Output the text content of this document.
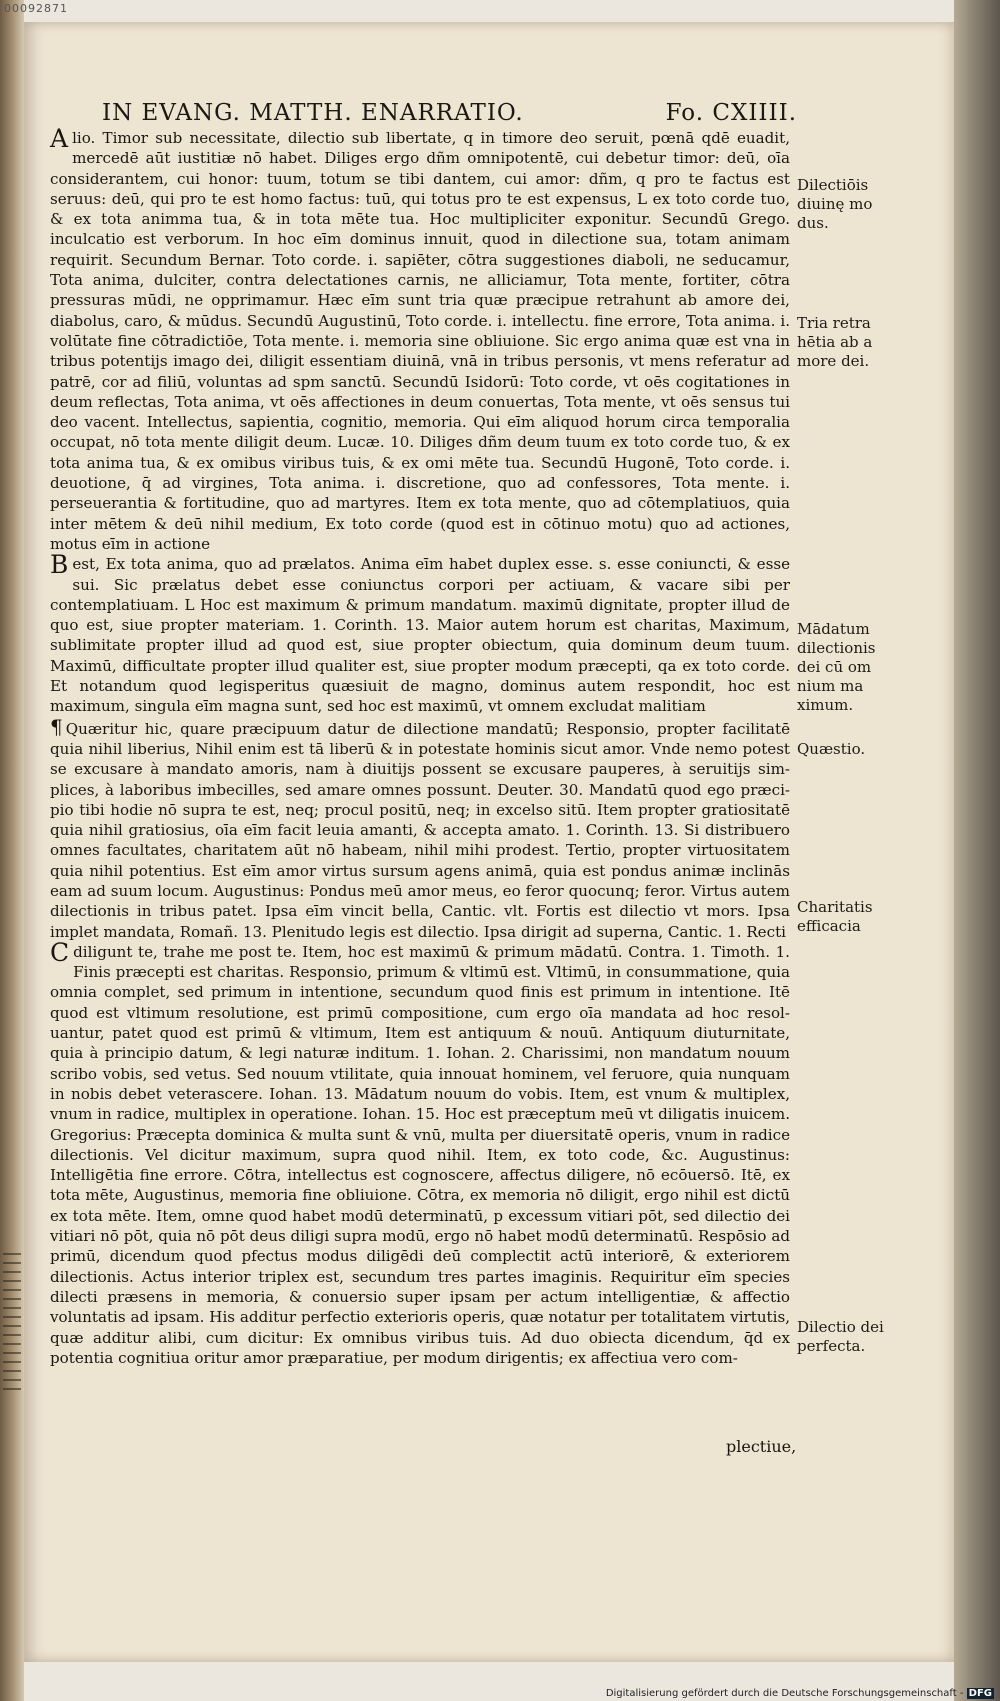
00092871
IN EVANG. MATTH. ENARRATIO.	Fo. CXIIII.

Alio. Timor sub necessitate, dilectio sub libertate, q in timore deo seruit, pœnā qdē euadit, mercedē aūt iustitiæ nō habet. Diliges ergo dñm omnipotentē, cui debetur timor: deū, oīa considerantem, cui honor: tuum, totum se tibi dantem, cui amor: dñm, q pro te factus est seruus: deū, qui pro te est homo factus: tuū, qui totus pro te est expensus, L ex toto corde tuo, & ex tota animma tua, & in tota mēte tua. Hoc multipliciter exponitur. Secundū Grego. inculcatio est verborum. In hoc eīm dominus innuit, quod in dilectione sua, totam animam requirit. Secundum Bernar. Toto corde. i. sapiēter, cōtra suggestiones diaboli, ne seducamur, Tota anima, dulciter, contra delectationes carnis, ne alliciamur, Tota mente, fortiter, cōtra pressuras mūdi, ne opprimamur. Hæc eīm sunt tria quæ præcipue retrahunt ab amore dei, diabolus, caro, & mūdus. Secundū Augustinū, Toto corde. i. intellectu. fine errore, Tota anima. i. volūtate fine cōtradictiōe, Tota mente. i. memoria sine obliuione. Sic ergo anima quæ est vna in tribus potentijs imago dei, diligit essentiam diuinā, vnā in tribus personis, vt mens referatur ad patrē, cor ad filiū, voluntas ad spm sanctū. Secundū Isidorū: Toto corde, vt oēs cogitationes in deum reflectas, Tota anima, vt oēs affectiones in deum conuertas, Tota mente, vt oēs sensus tui deo vacent. Intellectus, sapientia, cognitio, memoria. Qui eīm aliquod horum circa temporalia occupat, nō tota mente diligit deum. Lucæ. 10. Diliges dñm deum tuum ex toto corde tuo, & ex tota anima tua, & ex omibus viribus tuis, & ex omi mēte tua. Secundū Hugonē, Toto corde. i. deuotione, q̄ ad virgines, Tota anima. i. discretione, quo ad confessores, Tota mente. i. perseuerantia & fortitudine, quo ad martyres. Item ex tota mente, quo ad cōtemplatiuos, quia inter mētem & deū nihil medium, Ex toto corde (quod est in cōtinuo motu) quo ad actiones, motus eīm in actione

Best, Ex tota anima, quo ad prælatos. Anima eīm habet duplex esse. s. esse coniuncti, & esse sui. Sic prælatus debet esse coniunctus corpori per actiuam, & vacare sibi per contemplatiuam. L Hoc est maximum & primum mandatum. maximū dignitate, propter illud de quo est, siue propter materiam. 1. Corinth. 13. Maior autem horum est charitas, Maximum, sublimitate propter illud ad quod est, siue propter obiectum, quia dominum deum tuum. Maximū, difficultate propter illud qualiter est, siue propter modum præcepti, qa ex toto corde. Et notandum quod legisperitus quæsiuit de magno, dominus autem respondit, hoc est maximum, singula eīm magna sunt, sed hoc est maximū, vt omnem excludat malitiam

¶ Quæritur hic, quare præcipuum datur de dilectione mandatū; Responsio, propter facilitatē quia nihil liberius, Nihil enim est tā liberū & in potestate hominis sicut amor. Vnde nemo potest se excusare à mandato amoris, nam à diuitijs possent se excusare pauperes, à seruitijs simplices, à laboribus imbecilles, sed amare omnes possunt. Deuter. 30. Mandatū quod ego præcipio tibi hodie nō supra te est, neq; procul positū, neq; in excelso sitū. Item propter gratiositatē quia nihil gratiosius, oīa eīm facit leuia amanti, & accepta amato. 1. Corinth. 13. Si distribuero omnes facultates, charitatem aūt nō habeam, nihil mihi prodest. Tertio, propter virtuositatem quia nihil potentius. Est eīm amor virtus sursum agens animā, quia est pondus animæ inclinās eam ad suum locum. Augustinus: Pondus meū amor meus, eo feror quocunq; feror. Virtus autem dilectionis in tribus patet. Ipsa eīm vincit bella, Cantic. vlt. Fortis est dilectio vt mors. Ipsa implet mandata, Romañ. 13. Plenitudo legis est dilectio. Ipsa dirigit ad superna, Cantic. 1. Recti

Cdiligunt te, trahe me post te. Item, hoc est maximū & primum mādatū. Contra. 1. Timoth. 1. Finis præcepti est charitas. Responsio, primum & vltimū est. Vltimū, in consummatione, quia omnia complet, sed primum in intentione, secundum quod finis est primum in intentione. Itē quod est vltimum resolutione, est primū compositione, cum ergo oīa mandata ad hoc resoluantur, patet quod est primū & vltimum, Item est antiquum & nouū. Antiquum diuturnitate, quia à principio datum, & legi naturæ inditum. 1. Iohan. 2. Charissimi, non mandatum nouum scribo vobis, sed vetus. Sed nouum vtilitate, quia innouat hominem, vel feruore, quia nunquam in nobis debet veterascere. Iohan. 13. Mādatum nouum do vobis. Item, est vnum & multiplex, vnum in radice, multiplex in operatione. Iohan. 15. Hoc est præceptum meū vt diligatis inuicem. Gregorius: Præcepta dominica & multa sunt & vnū, multa per diuersitatē operis, vnum in radice dilectionis. Vel dicitur maximum, supra quod nihil. Item, ex toto code, &c. Augustinus: Intelligētia fine errore. Cōtra, intellectus est cognoscere, affectus diligere, nō ecōuersō. Itē, ex tota mēte, Augustinus, memoria fine obliuione. Cōtra, ex memoria nō diligit, ergo nihil est dictū ex tota mēte. Item, omne quod habet modū determinatū, p excessum vitiari pōt, sed dilectio dei vitiari nō pōt, quia nō pōt deus diligi supra modū, ergo nō habet modū determinatū. Respōsio ad primū, dicendum quod pfectus modus diligēdi deū complectit actū interiorē, & exteriorem dilectionis. Actus interior triplex est, secundum tres partes imaginis. Requiritur eīm species dilecti præsens in memoria, & conuersio super ipsam per actum intelligentiæ, & affectio voluntatis ad ipsam. His additur perfectio exterioris operis, quæ notatur per totalitatem virtutis, quæ additur alibi, cum dicitur: Ex omnibus viribus tuis. Ad duo obiecta dicendum, q̄d ex potentia cognitiua oritur amor præparatiue, per modum dirigentis; ex affectiua vero com-

plectiue,
Dilectiōis diuinę mo dus.
Tria retra hētia ab a more dei.
Mādatum dilectionis dei cū om nium ma ximum.
Quæstio.
Charitatis efficacia
Dilectio dei perfecta.
Digitalisierung gefördert durch die Deutsche Forschungsgemeinschaft - DFG
